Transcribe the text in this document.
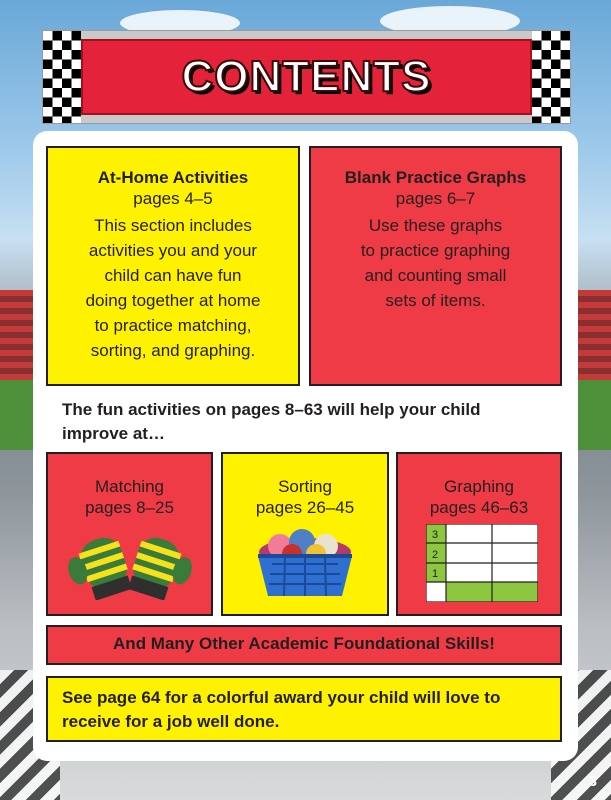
CONTENTS
At-Home Activities
pages 4–5
This section includes
activities you and your
child can have fun
doing together at home
to practice matching,
sorting, and graphing.
Blank Practice Graphs
pages 6–7
Use these graphs
to practice graphing
and counting small
sets of items.
The fun activities on pages 8–63 will help your child
improve at…
Matching
pages 8–25
Sorting
pages 26–45
Graphing
pages 46–63
3
2
1
And Many Other Academic Foundational Skills!
See page 64 for a colorful award your child will love to
receive for a job well done.
3
